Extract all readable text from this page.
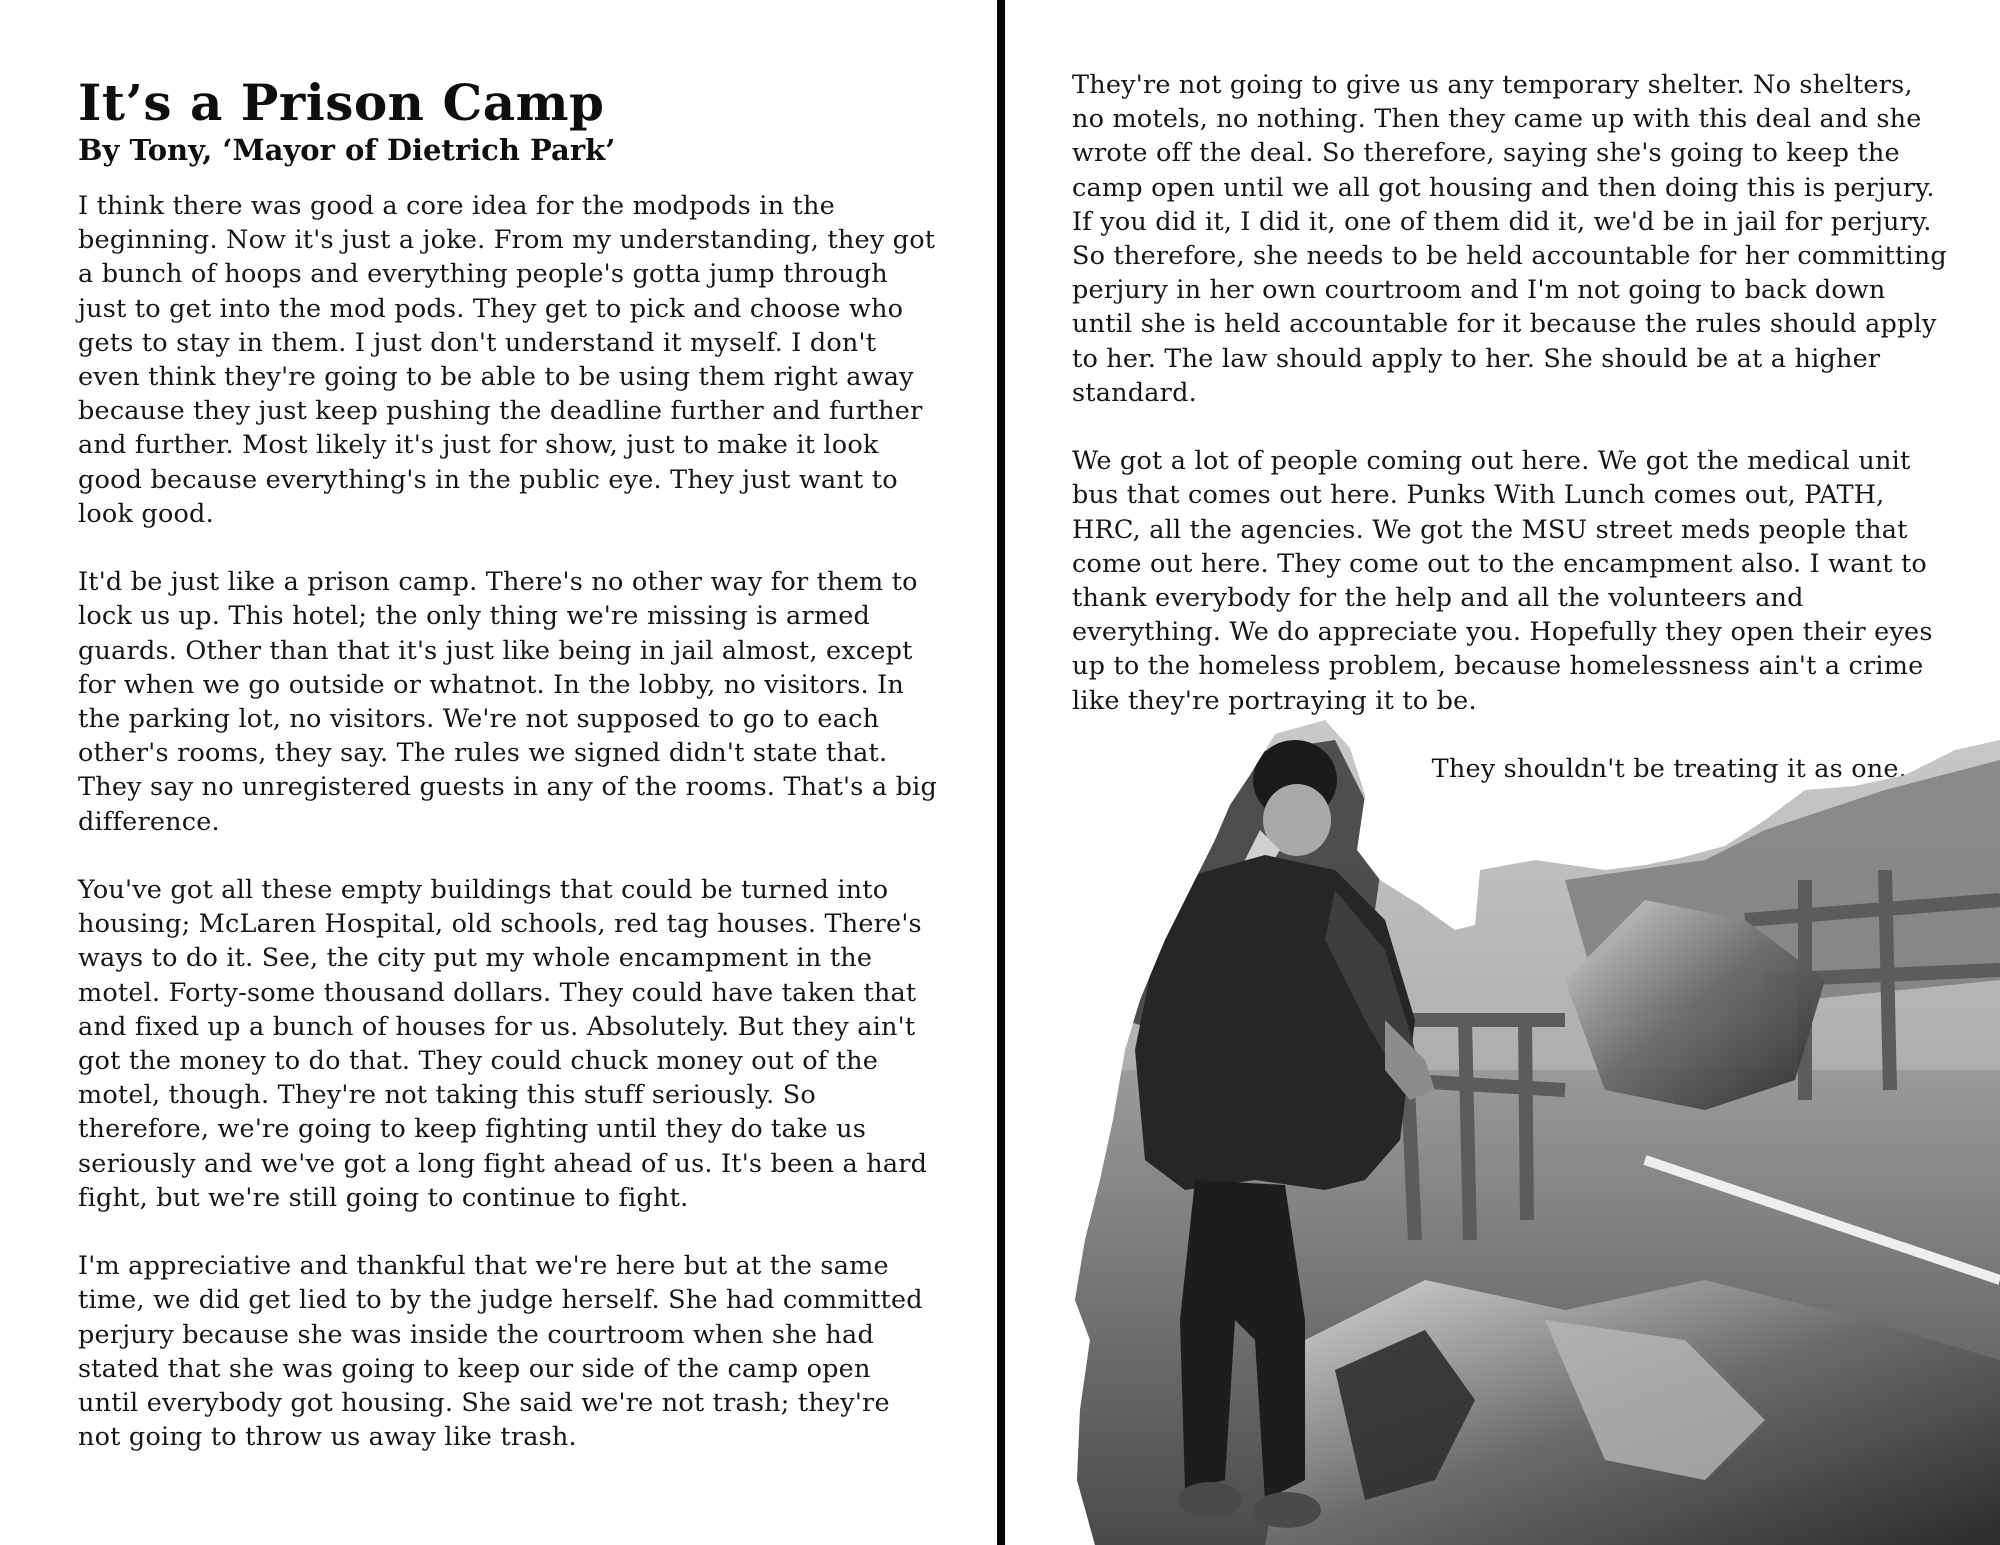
It’s a Prison Camp
By Tony, ‘Mayor of Dietrich Park’

I think there was good a core idea for the modpods in the beginning. Now it's just a joke. From my understanding, they got a bunch of hoops and everything people's gotta jump through just to get into the mod pods. They get to pick and choose who gets to stay in them. I just don't understand it myself. I don't even think they're going to be able to be using them right away because they just keep pushing the deadline further and further and further. Most likely it's just for show, just to make it look good because everything's in the public eye. They just want to look good.

It'd be just like a prison camp. There's no other way for them to lock us up. This hotel; the only thing we're missing is armed guards. Other than that it's just like being in jail almost, except for when we go outside or whatnot. In the lobby, no visitors. In the parking lot, no visitors. We're not supposed to go to each other's rooms, they say. The rules we signed didn't state that. They say no unregistered guests in any of the rooms. That's a big difference.

You've got all these empty buildings that could be turned into housing; McLaren Hospital, old schools, red tag houses. There's ways to do it. See, the city put my whole encampment in the motel. Forty-some thousand dollars. They could have taken that and fixed up a bunch of houses for us. Absolutely. But they ain't got the money to do that. They could chuck money out of the motel, though. They're not taking this stuff seriously. So therefore, we're going to keep fighting until they do take us seriously and we've got a long fight ahead of us. It's been a hard fight, but we're still going to continue to fight.

I'm appreciative and thankful that we're here but at the same time, we did get lied to by the judge herself. She had committed perjury because she was inside the courtroom when she had stated that she was going to keep our side of the camp open until everybody got housing. She said we're not trash; they're not going to throw us away like trash.

They're not going to give us any temporary shelter. No shelters, no motels, no nothing. Then they came up with this deal and she wrote off the deal. So therefore, saying she's going to keep the camp open until we all got housing and then doing this is perjury. If you did it, I did it, one of them did it, we'd be in jail for perjury. So therefore, she needs to be held accountable for her committing perjury in her own courtroom and I'm not going to back down until she is held accountable for it because the rules should apply to her. The law should apply to her. She should be at a higher standard.

We got a lot of people coming out here. We got the medical unit bus that comes out here. Punks With Lunch comes out, PATH, HRC, all the agencies. We got the MSU street meds people that come out here. They come out to the encampment also. I want to thank everybody for the help and all the volunteers and everything. We do appreciate you. Hopefully they open their eyes up to the homeless problem, because homelessness ain't a crime like they're portraying it to be.

They shouldn't be treating it as one.
